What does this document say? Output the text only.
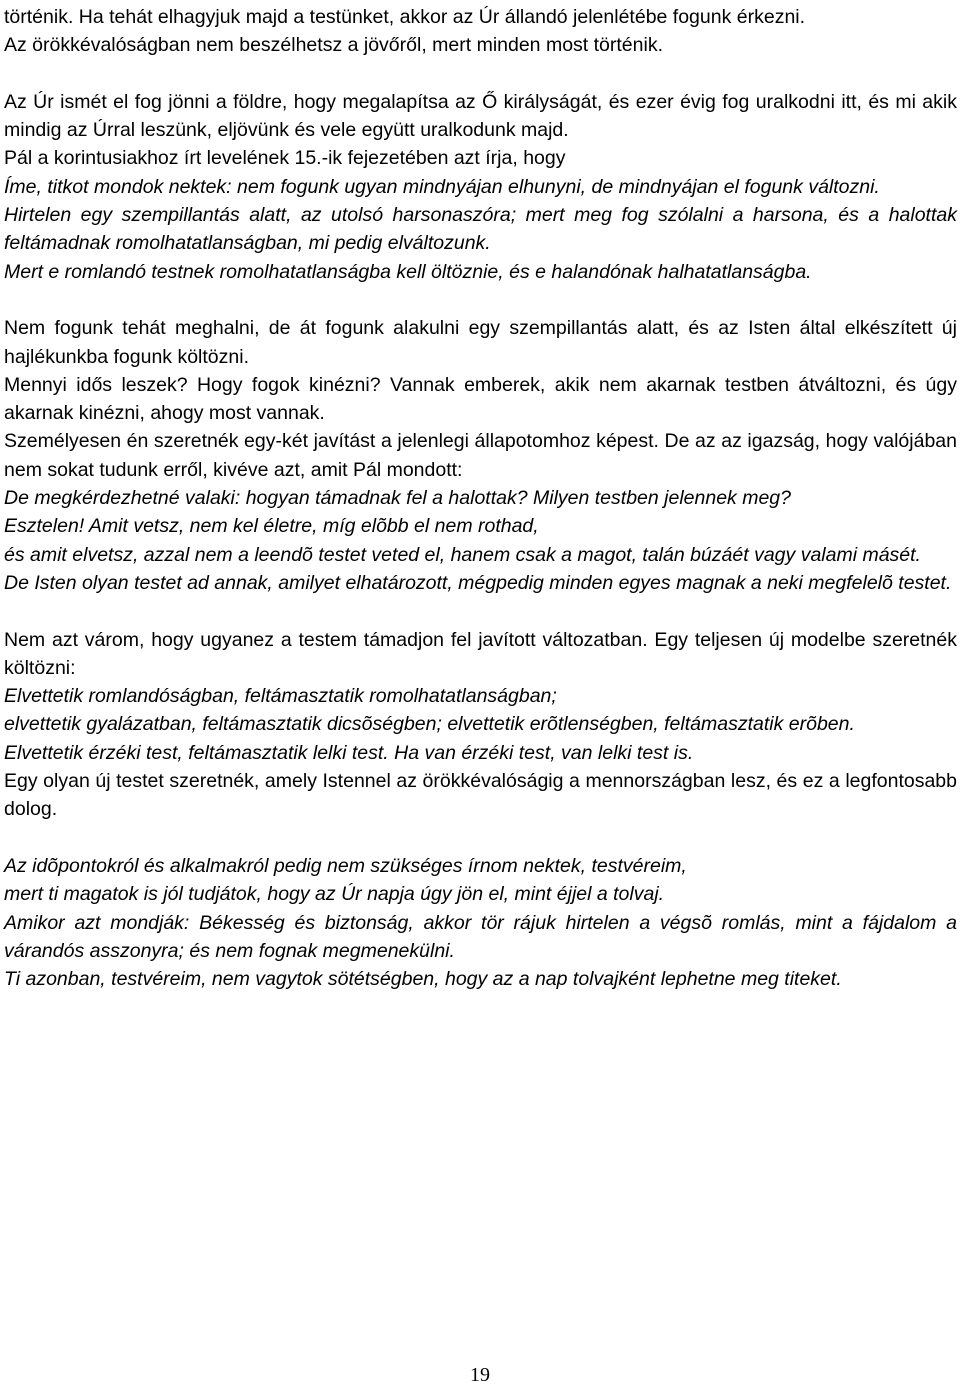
történik. Ha tehát elhagyjuk majd a testünket, akkor az Úr állandó jelenlétébe fogunk érkezni.

Az örökkévalóságban nem beszélhetsz a jövőről, mert minden most történik.

Az Úr ismét el fog jönni a földre, hogy megalapítsa az Ő királyságát, és ezer évig fog uralkodni itt, és mi akik mindig az Úrral leszünk, eljövünk és vele együtt uralkodunk majd.

Pál a korintusiakhoz írt levelének 15.-ik fejezetében azt írja, hogy

Íme, titkot mondok nektek: nem fogunk ugyan mindnyájan elhunyni, de mindnyájan el fogunk változni.

Hirtelen egy szempillantás alatt, az utolsó harsonaszóra; mert meg fog szólalni a harsona, és a halottak feltámadnak romolhatatlanságban, mi pedig elváltozunk.

Mert e romlandó testnek romolhatatlanságba kell öltöznie, és e halandónak halhatatlanságba.

Nem fogunk tehát meghalni, de át fogunk alakulni egy szempillantás alatt, és az Isten által elkészített új hajlékunkba fogunk költözni.

Mennyi idős leszek? Hogy fogok kinézni? Vannak emberek, akik nem akarnak testben átváltozni, és úgy akarnak kinézni, ahogy most vannak.

Személyesen én szeretnék egy-két javítást a jelenlegi állapotomhoz képest. De az az igazság, hogy valójában nem sokat tudunk erről, kivéve azt, amit Pál mondott:

De megkérdezhetné valaki: hogyan támadnak fel a halottak? Milyen testben jelennek meg?

Esztelen! Amit vetsz, nem kel életre, míg elõbb el nem rothad,

és amit elvetsz, azzal nem a leendõ testet veted el, hanem csak a magot, talán búzáét vagy valami másét.

De Isten olyan testet ad annak, amilyet elhatározott, mégpedig minden egyes magnak a neki megfelelõ testet.

Nem azt várom, hogy ugyanez a testem támadjon fel javított változatban. Egy teljesen új modelbe szeretnék költözni:

Elvettetik romlandóságban, feltámasztatik romolhatatlanságban;

elvettetik gyalázatban, feltámasztatik dicsõségben; elvettetik erõtlenségben, feltámasztatik erõben.

Elvettetik érzéki test, feltámasztatik lelki test. Ha van érzéki test, van lelki test is.

Egy olyan új testet szeretnék, amely Istennel az örökkévalóságig a mennországban lesz, és ez a legfontosabb dolog.

Az idõpontokról és alkalmakról pedig nem szükséges írnom nektek, testvéreim,

mert ti magatok is jól tudjátok, hogy az Úr napja úgy jön el, mint éjjel a tolvaj.

Amikor azt mondják: Békesség és biztonság, akkor tör rájuk hirtelen a végsõ romlás, mint a fájdalom a várandós asszonyra; és nem fognak megmenekülni.

Ti azonban, testvéreim, nem vagytok sötétségben, hogy az a nap tolvajként lephetne meg titeket.

19
